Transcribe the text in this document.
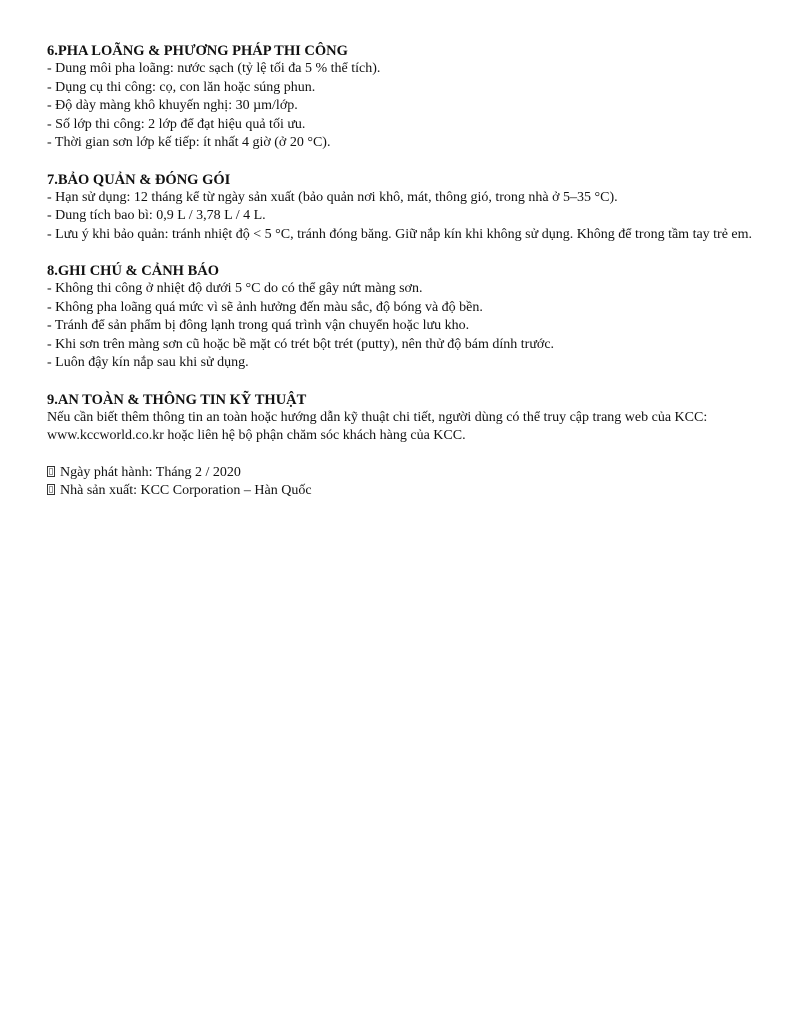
6.PHA LOÃNG & PHƯƠNG PHÁP THI CÔNG

- Dung môi pha loãng: nước sạch (tỷ lệ tối đa 5 % thể tích).

- Dụng cụ thi công: cọ, con lăn hoặc súng phun.

- Độ dày màng khô khuyến nghị: 30 µm/lớp.

- Số lớp thi công: 2 lớp để đạt hiệu quả tối ưu.

- Thời gian sơn lớp kế tiếp: ít nhất 4 giờ (ở 20 °C).

7.BẢO QUẢN & ĐÓNG GÓI

- Hạn sử dụng: 12 tháng kể từ ngày sản xuất (bảo quản nơi khô, mát, thông gió, trong nhà ở 5–35 °C).

- Dung tích bao bì: 0,9 L / 3,78 L / 4 L.

- Lưu ý khi bảo quản: tránh nhiệt độ < 5 °C, tránh đóng băng. Giữ nắp kín khi không sử dụng. Không để trong tầm tay trẻ em.

8.GHI CHÚ & CẢNH BÁO

- Không thi công ở nhiệt độ dưới 5 °C do có thể gây nứt màng sơn.

- Không pha loãng quá mức vì sẽ ảnh hưởng đến màu sắc, độ bóng và độ bền.

- Tránh để sản phẩm bị đông lạnh trong quá trình vận chuyển hoặc lưu kho.

- Khi sơn trên màng sơn cũ hoặc bề mặt có trét bột trét (putty), nên thử độ bám dính trước.

- Luôn đậy kín nắp sau khi sử dụng.

9.AN TOÀN & THÔNG TIN KỸ THUẬT

Nếu cần biết thêm thông tin an toàn hoặc hướng dẫn kỹ thuật chi tiết, người dùng có thể truy cập trang web của KCC: www.kccworld.co.kr hoặc liên hệ bộ phận chăm sóc khách hàng của KCC.

Ngày phát hành: Tháng 2 / 2020

Nhà sản xuất: KCC Corporation – Hàn Quốc
